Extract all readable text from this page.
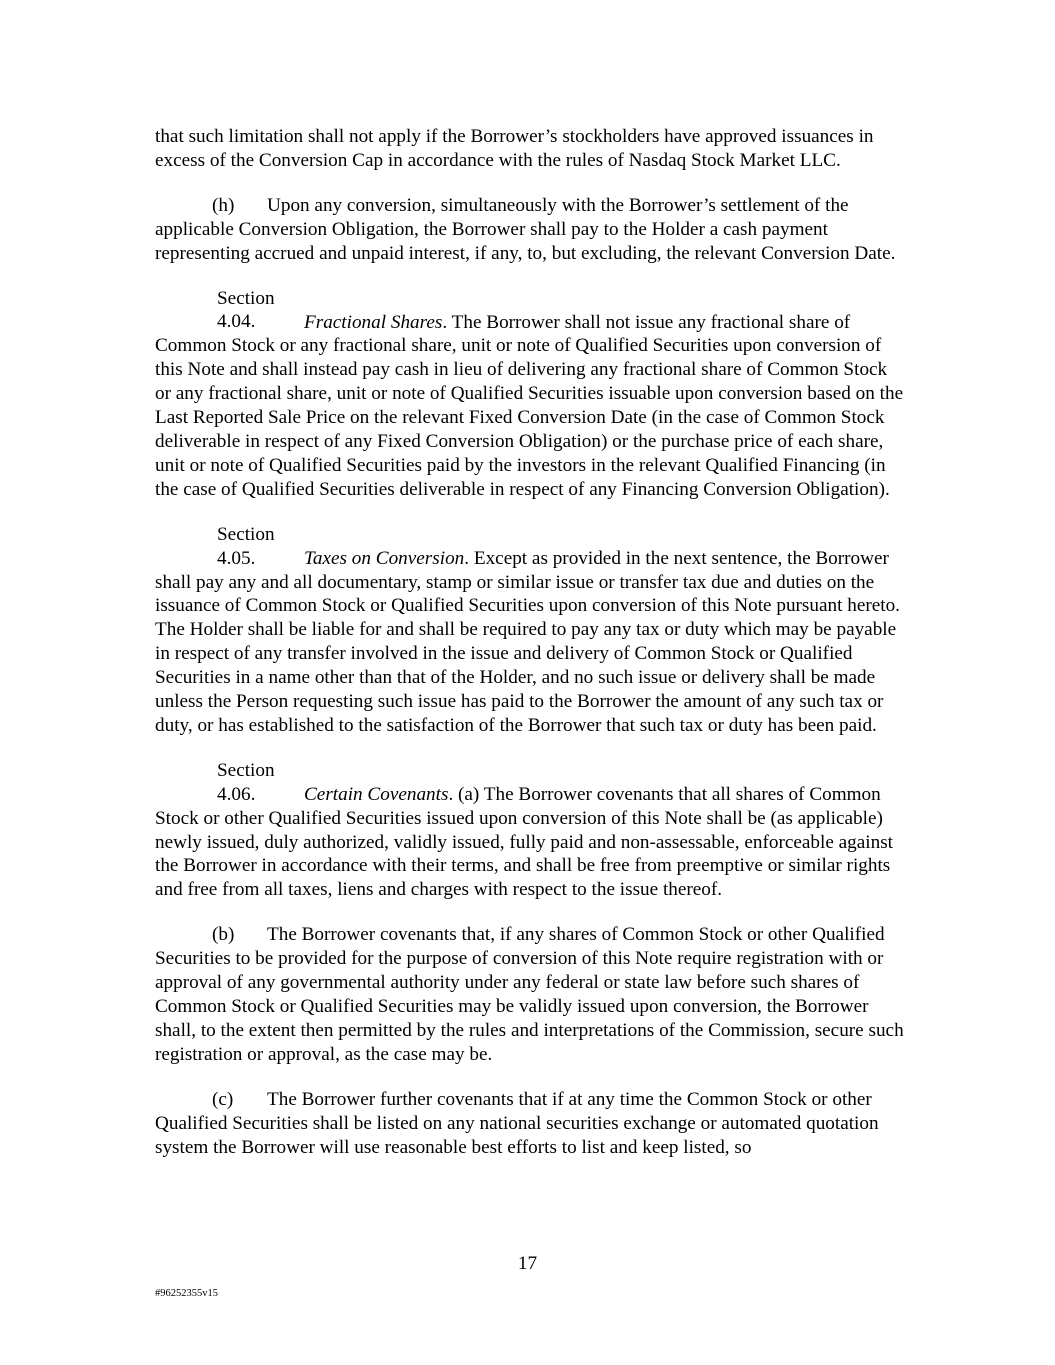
that such limitation shall not apply if the Borrower’s stockholders have approved issuances in excess of the Conversion Cap in accordance with the rules of Nasdaq Stock Market LLC.

(h) Upon any conversion, simultaneously with the Borrower’s settlement of the applicable Conversion Obligation, the Borrower shall pay to the Holder a cash payment representing accrued and unpaid interest, if any, to, but excluding, the relevant Conversion Date.

Section 4.04.	Fractional Shares. The Borrower shall not issue any fractional share of Common Stock or any fractional share, unit or note of Qualified Securities upon conversion of this Note and shall instead pay cash in lieu of delivering any fractional share of Common Stock or any fractional share, unit or note of Qualified Securities issuable upon conversion based on the Last Reported Sale Price on the relevant Fixed Conversion Date (in the case of Common Stock deliverable in respect of any Fixed Conversion Obligation) or the purchase price of each share, unit or note of Qualified Securities paid by the investors in the relevant Qualified Financing (in the case of Qualified Securities deliverable in respect of any Financing Conversion Obligation).

Section 4.05.	Taxes on Conversion. Except as provided in the next sentence, the Borrower shall pay any and all documentary, stamp or similar issue or transfer tax due and duties on the issuance of Common Stock or Qualified Securities upon conversion of this Note pursuant hereto. The Holder shall be liable for and shall be required to pay any tax or duty which may be payable in respect of any transfer involved in the issue and delivery of Common Stock or Qualified Securities in a name other than that of the Holder, and no such issue or delivery shall be made unless the Person requesting such issue has paid to the Borrower the amount of any such tax or duty, or has established to the satisfaction of the Borrower that such tax or duty has been paid.

Section 4.06.	Certain Covenants. (a) The Borrower covenants that all shares of Common Stock or other Qualified Securities issued upon conversion of this Note shall be (as applicable) newly issued, duly authorized, validly issued, fully paid and non-assessable, enforceable against the Borrower in accordance with their terms, and shall be free from preemptive or similar rights and free from all taxes, liens and charges with respect to the issue thereof.

(b) The Borrower covenants that, if any shares of Common Stock or other Qualified Securities to be provided for the purpose of conversion of this Note require registration with or approval of any governmental authority under any federal or state law before such shares of Common Stock or Qualified Securities may be validly issued upon conversion, the Borrower shall, to the extent then permitted by the rules and interpretations of the Commission, secure such registration or approval, as the case may be.

(c) The Borrower further covenants that if at any time the Common Stock or other Qualified Securities shall be listed on any national securities exchange or automated quotation system the Borrower will use reasonable best efforts to list and keep listed, so

17
#96252355v15
